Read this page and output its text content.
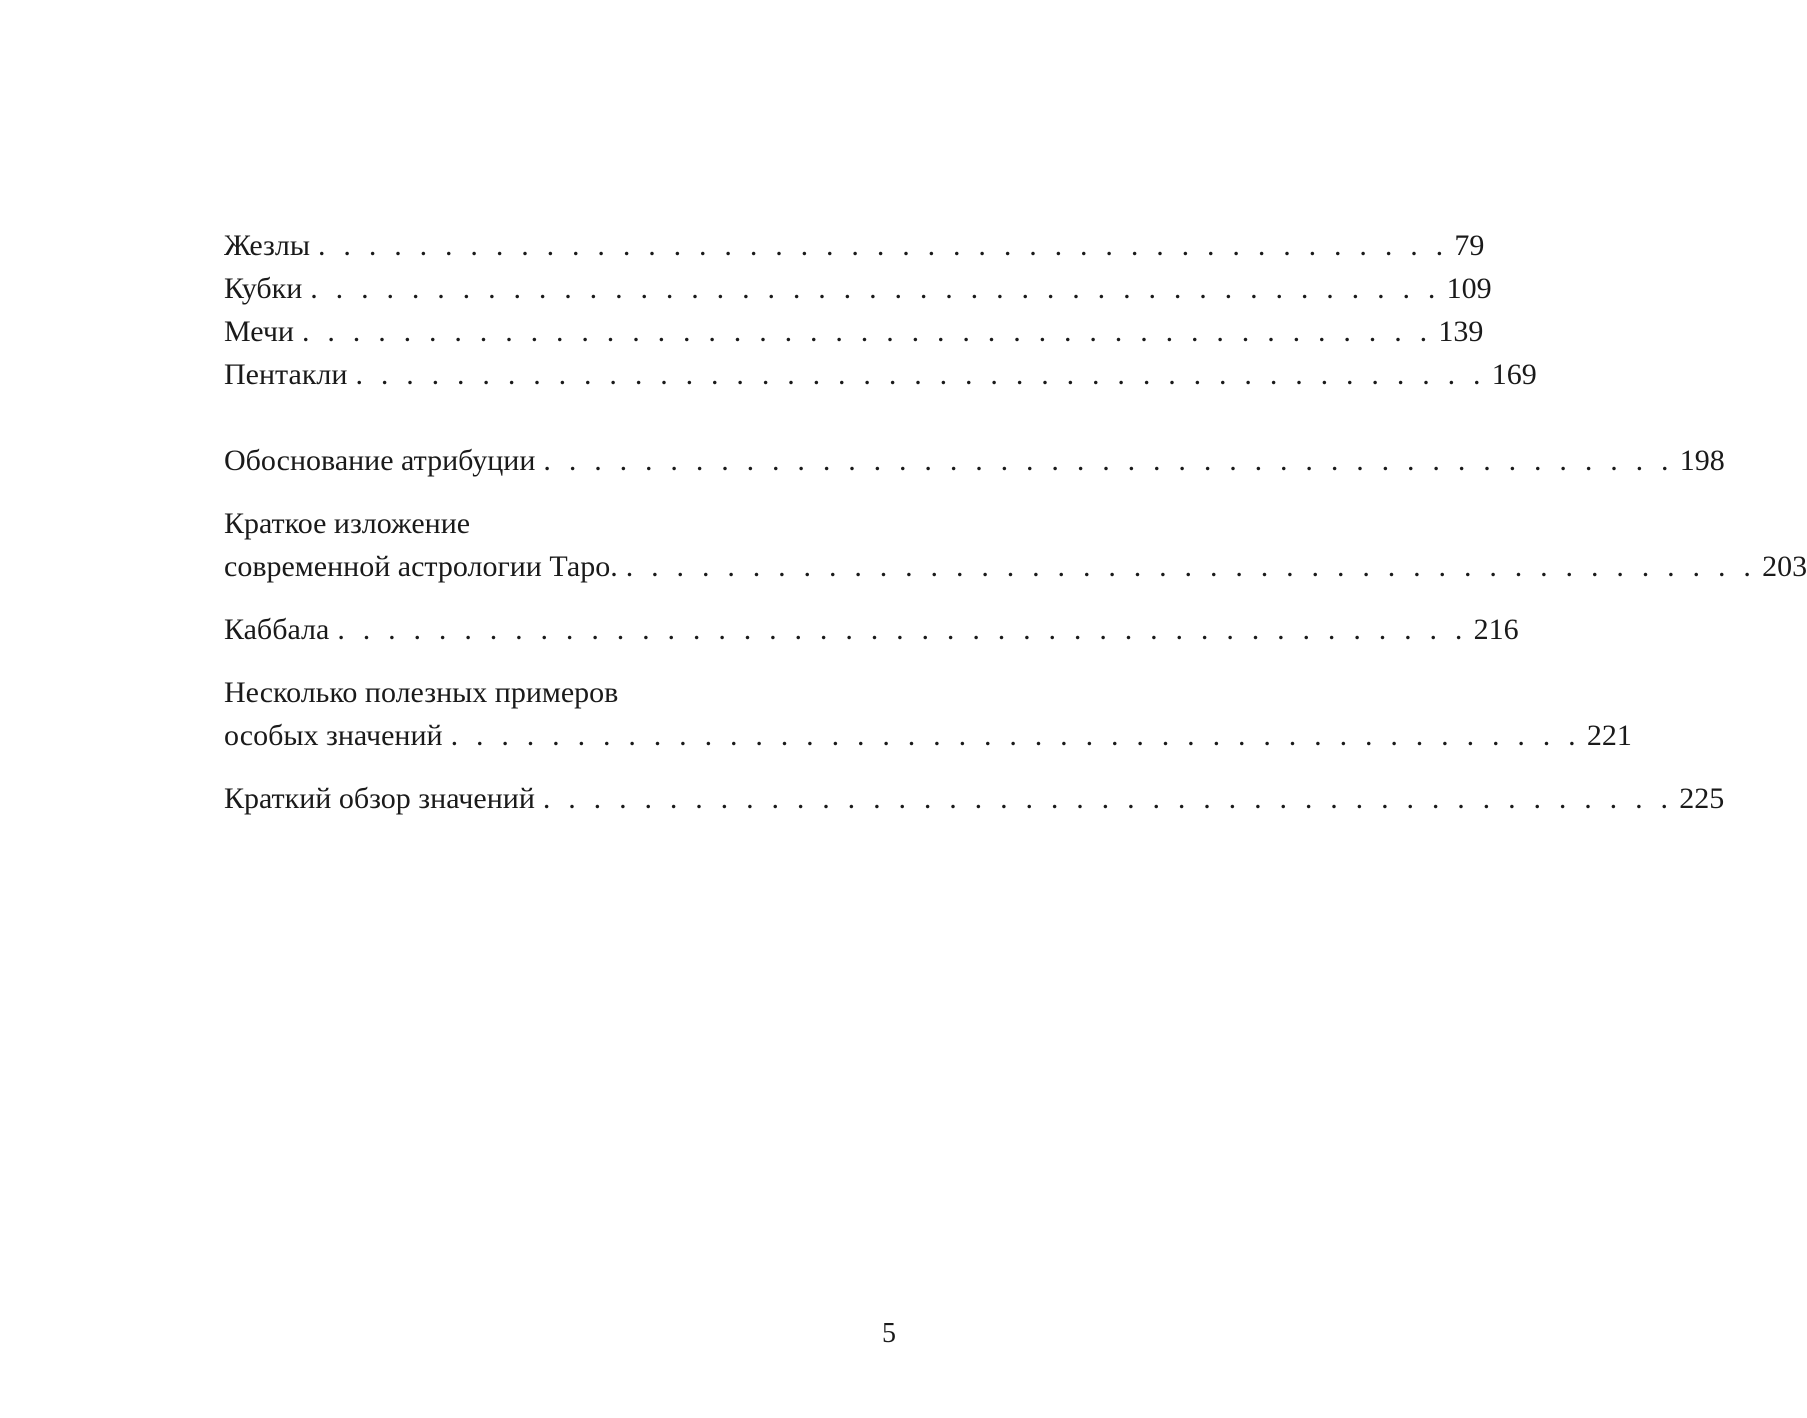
Жезлы . . . . . . . . . . . . . . . . . . . . . . . . . . . . . . . . . . . . . . . . . . . . . 79
Кубки . . . . . . . . . . . . . . . . . . . . . . . . . . . . . . . . . . . . . . . . . . . . . 109
Мечи . . . . . . . . . . . . . . . . . . . . . . . . . . . . . . . . . . . . . . . . . . . . . 139
Пентакли . . . . . . . . . . . . . . . . . . . . . . . . . . . . . . . . . . . . . . . . . . . . . 169
Обоснование атрибуции . . . . . . . . . . . . . . . . . . . . . . . . . . . . . . . . . . . . . . . . . . . . . 198
Краткое изложение
современной астрологии Таро. . . . . . . . . . . . . . . . . . . . . . . . . . . . . . . . . . . . . . . . . . . . . . 203
Каббала . . . . . . . . . . . . . . . . . . . . . . . . . . . . . . . . . . . . . . . . . . . . . 216
Несколько полезных примеров
особых значений . . . . . . . . . . . . . . . . . . . . . . . . . . . . . . . . . . . . . . . . . . . . . 221
Краткий обзор значений . . . . . . . . . . . . . . . . . . . . . . . . . . . . . . . . . . . . . . . . . . . . . 225
5
